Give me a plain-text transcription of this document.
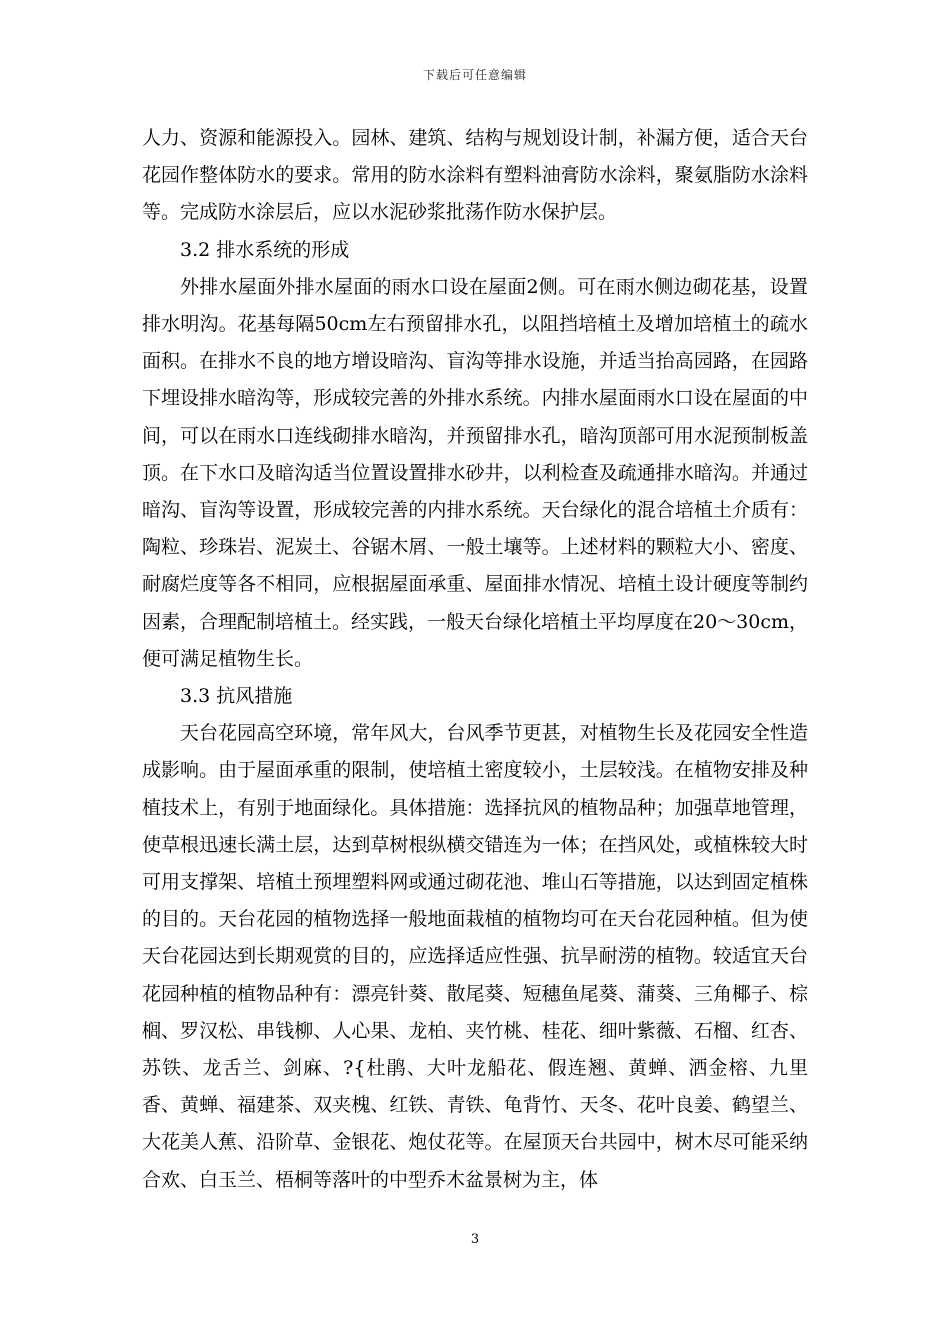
下载后可任意编辑

人力、资源和能源投入。园林、建筑、结构与规划设计制，补漏方便，适合天台花园作整体防水的要求。常用的防水涂料有塑料油膏防水涂料，聚氨脂防水涂料等。完成防水涂层后，应以水泥砂浆批荡作防水保护层。

3.2 排水系统的形成

外排水屋面外排水屋面的雨水口设在屋面2侧。可在雨水侧边砌花基，设置排水明沟。花基每隔50cm左右预留排水孔，以阻挡培植土及增加培植土的疏水面积。在排水不良的地方增设暗沟、盲沟等排水设施，并适当抬高园路，在园路下埋设排水暗沟等，形成较完善的外排水系统。内排水屋面雨水口设在屋面的中间，可以在雨水口连线砌排水暗沟，并预留排水孔，暗沟顶部可用水泥预制板盖顶。在下水口及暗沟适当位置设置排水砂井，以利检查及疏通排水暗沟。并通过暗沟、盲沟等设置，形成较完善的内排水系统。天台绿化的混合培植土介质有：陶粒、珍珠岩、泥炭土、谷锯木屑、一般土壤等。上述材料的颗粒大小、密度、耐腐烂度等各不相同，应根据屋面承重、屋面排水情况、培植土设计硬度等制约因素，合理配制培植土。经实践，一般天台绿化培植土平均厚度在20～30cm，便可满足植物生长。

3.3 抗风措施

天台花园高空环境，常年风大，台风季节更甚，对植物生长及花园安全性造成影响。由于屋面承重的限制，使培植土密度较小，土层较浅。在植物安排及种植技术上，有别于地面绿化。具体措施：选择抗风的植物品种；加强草地管理，使草根迅速长满土层，达到草树根纵横交错连为一体；在挡风处，或植株较大时可用支撑架、培植土预埋塑料网或通过砌花池、堆山石等措施，以达到固定植株的目的。天台花园的植物选择一般地面栽植的植物均可在天台花园种植。但为使天台花园达到长期观赏的目的，应选择适应性强、抗旱耐涝的植物。较适宜天台花园种植的植物品种有：漂亮针葵、散尾葵、短穗鱼尾葵、蒲葵、三角椰子、棕榈、罗汉松、串钱柳、人心果、龙柏、夹竹桃、桂花、细叶紫薇、石榴、红杏、苏铁、龙舌兰、剑麻、?{杜鹃、大叶龙船花、假连翘、黄蝉、洒金榕、九里香、黄蝉、福建茶、双夹槐、红铁、青铁、龟背竹、天冬、花叶良姜、鹤望兰、大花美人蕉、沿阶草、金银花、炮仗花等。在屋顶天台共园中，树木尽可能采纳合欢、白玉兰、梧桐等落叶的中型乔木盆景树为主，体

3
